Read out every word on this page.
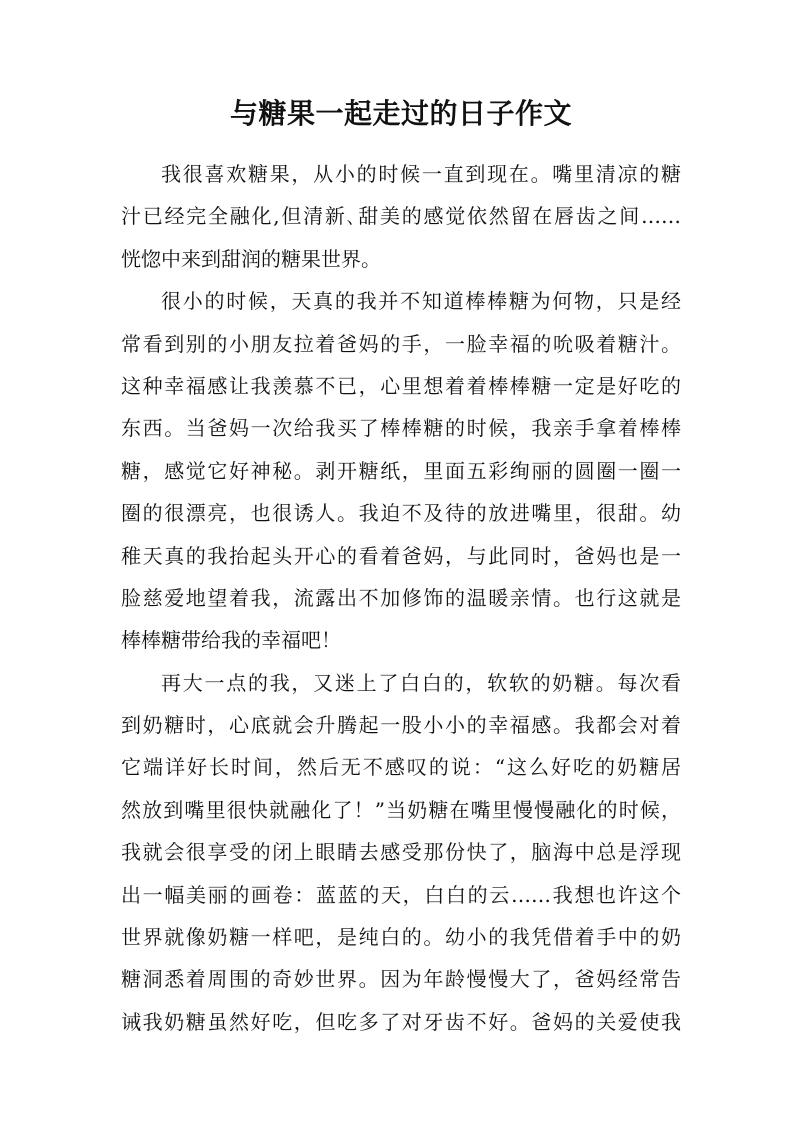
与糖果一起走过的日子作文
我很喜欢糖果，从小的时候一直到现在。嘴里清凉的糖
汁已经完全融化,但清新､甜美的感觉依然留在唇齿之间……
恍惚中来到甜润的糖果世界。
很小的时候，天真的我并不知道棒棒糖为何物，只是经
常看到别的小朋友拉着爸妈的手，一脸幸福的吮吸着糖汁。
这种幸福感让我羡慕不已，心里想着着棒棒糖一定是好吃的
东西。当爸妈一次给我买了棒棒糖的时候，我亲手拿着棒棒
糖，感觉它好神秘。剥开糖纸，里面五彩绚丽的圆圈一圈一
圈的很漂亮，也很诱人。我迫不及待的放进嘴里，很甜。幼
稚天真的我抬起头开心的看着爸妈，与此同时，爸妈也是一
脸慈爱地望着我，流露出不加修饰的温暖亲情。也行这就是
棒棒糖带给我的幸福吧！
再大一点的我，又迷上了白白的，软软的奶糖。每次看
到奶糖时，心底就会升腾起一股小小的幸福感。我都会对着
它端详好长时间，然后无不感叹的说：“这么好吃的奶糖居
然放到嘴里很快就融化了！”当奶糖在嘴里慢慢融化的时候，
我就会很享受的闭上眼睛去感受那份快了，脑海中总是浮现
出一幅美丽的画卷：蓝蓝的天，白白的云……我想也许这个
世界就像奶糖一样吧，是纯白的。幼小的我凭借着手中的奶
糖洞悉着周围的奇妙世界。因为年龄慢慢大了，爸妈经常告
诫我奶糖虽然好吃，但吃多了对牙齿不好。爸妈的关爱使我
